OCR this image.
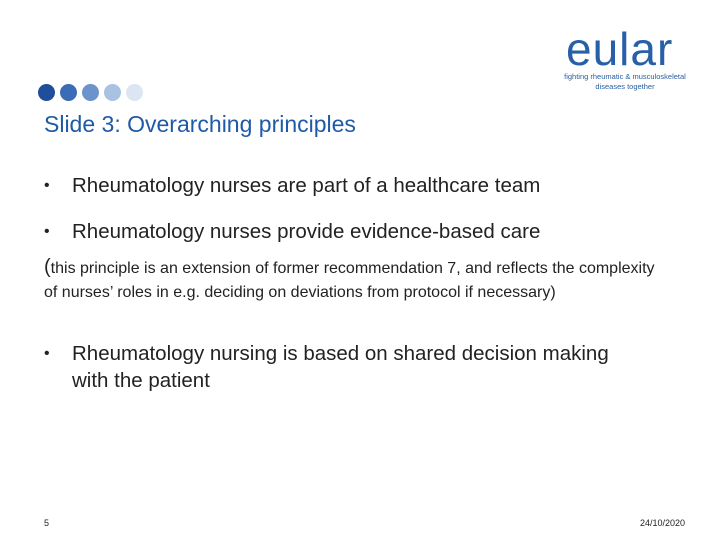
eular
fighting rheumatic & musculoskeletal
diseases together
Slide 3: Overarching principles
•	Rheumatology nurses are part of a healthcare team
•	Rheumatology nurses provide evidence-based care
(this principle is an extension of former recommendation 7, and reflects the complexity of nurses’ roles in e.g. deciding on deviations from protocol if necessary)
•	Rheumatology nursing is based on shared decision making with the patient
5	24/10/2020
